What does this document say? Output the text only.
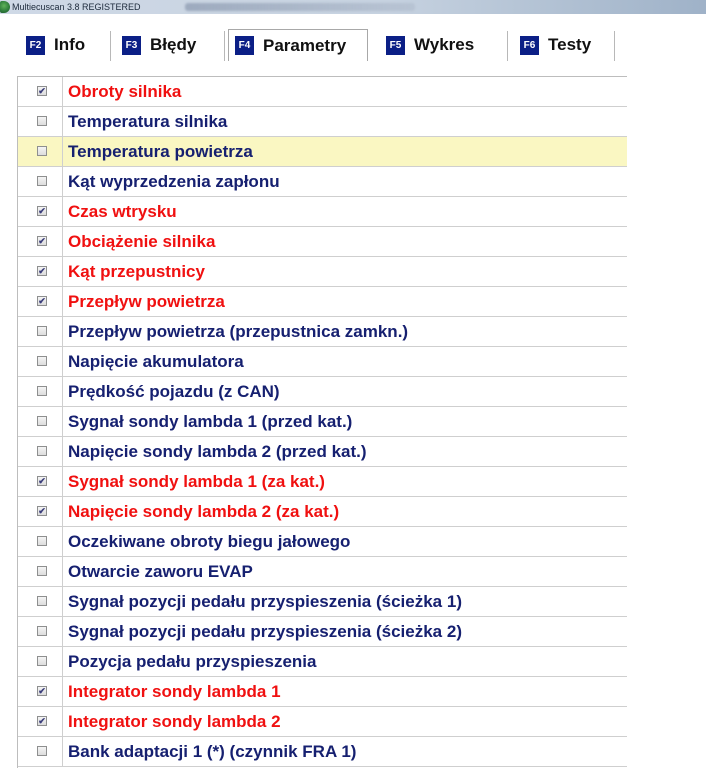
Multiecuscan 3.8 REGISTERED
F2 Info	F3 Błędy	F4 Parametry	F5 Wykres	F6 Testy
✔ Obroty silnika
Temperatura silnika
Temperatura powietrza
Kąt wyprzedzenia zapłonu
✔ Czas wtrysku
✔ Obciążenie silnika
✔ Kąt przepustnicy
✔ Przepływ powietrza
Przepływ powietrza (przepustnica zamkn.)
Napięcie akumulatora
Prędkość pojazdu (z CAN)
Sygnał sondy lambda 1 (przed kat.)
Napięcie sondy lambda 2 (przed kat.)
✔ Sygnał sondy lambda 1 (za kat.)
✔ Napięcie sondy lambda 2 (za kat.)
Oczekiwane obroty biegu jałowego
Otwarcie zaworu EVAP
Sygnał pozycji pedału przyspieszenia (ścieżka 1)
Sygnał pozycji pedału przyspieszenia (ścieżka 2)
Pozycja pedału przyspieszenia
✔ Integrator sondy lambda 1
✔ Integrator sondy lambda 2
Bank adaptacji 1 (*) (czynnik FRA 1)
